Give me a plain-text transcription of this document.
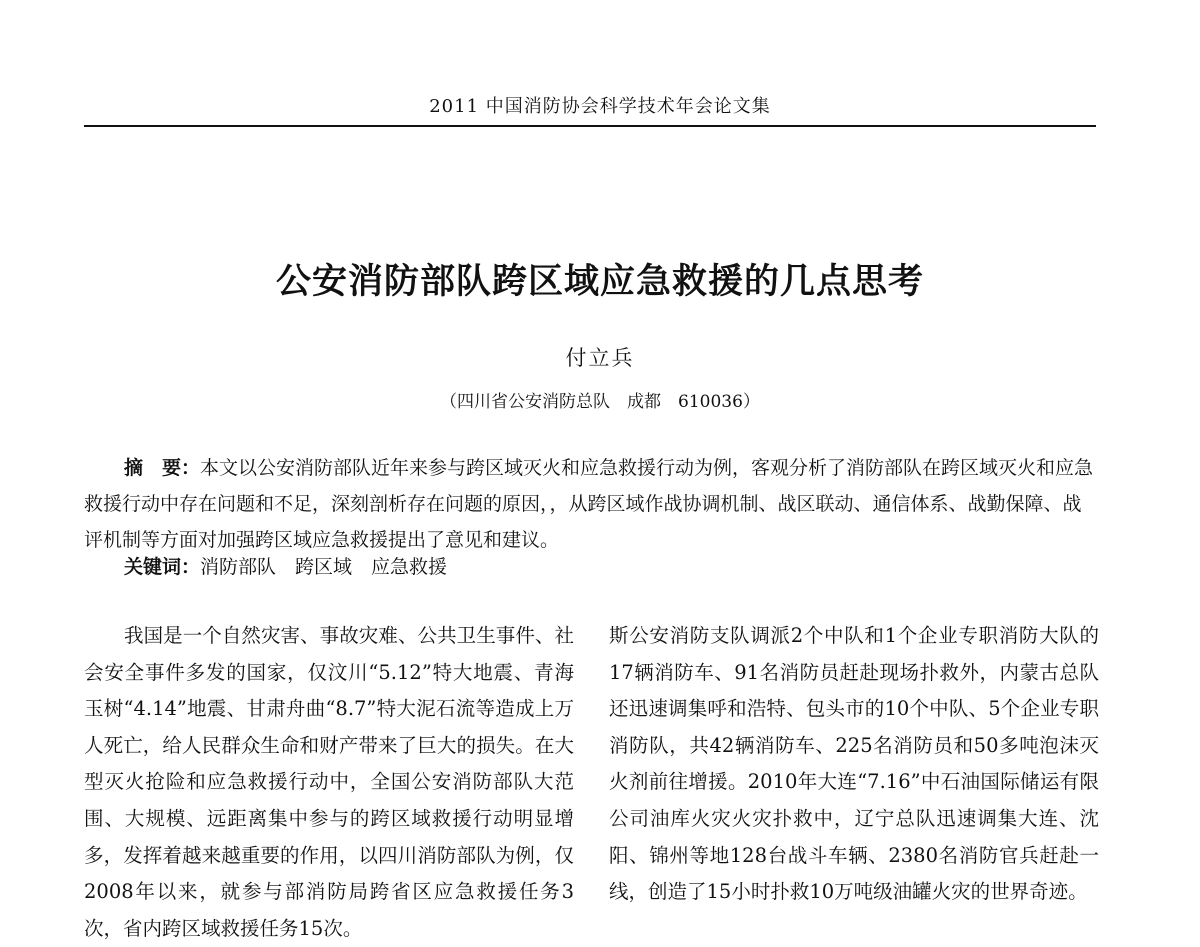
2011 中国消防协会科学技术年会论文集
公安消防部队跨区域应急救援的几点思考
付立兵
（四川省公安消防总队　成都　610036）

摘　要：本文以公安消防部队近年来参与跨区域灭火和应急救援行动为例，客观分析了消防部队在跨区域灭火和应急救援行动中存在问题和不足，深刻剖析存在问题的原因，，从跨区域作战协调机制、战区联动、通信体系、战勤保障、战评机制等方面对加强跨区域应急救援提出了意见和建议。

关键词：消防部队　跨区域　应急救援

我国是一个自然灾害、事故灾难、公共卫生事件、社会安全事件多发的国家，仅汶川“5.12”特大地震、青海玉树“4.14”地震、甘肃舟曲“8.7”特大泥石流等造成上万人死亡，给人民群众生命和财产带来了巨大的损失。在大型灭火抢险和应急救援行动中，全国公安消防部队大范围、大规模、远距离集中参与的跨区域救援行动明显增多，发挥着越来越重要的作用，以四川消防部队为例，仅2008年以来，就参与部消防局跨省区应急救援任务3次，省内跨区域救援任务15次。

斯公安消防支队调派2个中队和1个企业专职消防大队的17辆消防车、91名消防员赶赴现场扑救外，内蒙古总队还迅速调集呼和浩特、包头市的10个中队、5个企业专职消防队，共42辆消防车、225名消防员和50多吨泡沫灭火剂前往增援。2010年大连“7.16”中石油国际储运有限公司油库火灾火灾扑救中，辽宁总队迅速调集大连、沈阳、锦州等地128台战斗车辆、2380名消防官兵赶赴一线，创造了15小时扑救10万吨级油罐火灾的世界奇迹。
